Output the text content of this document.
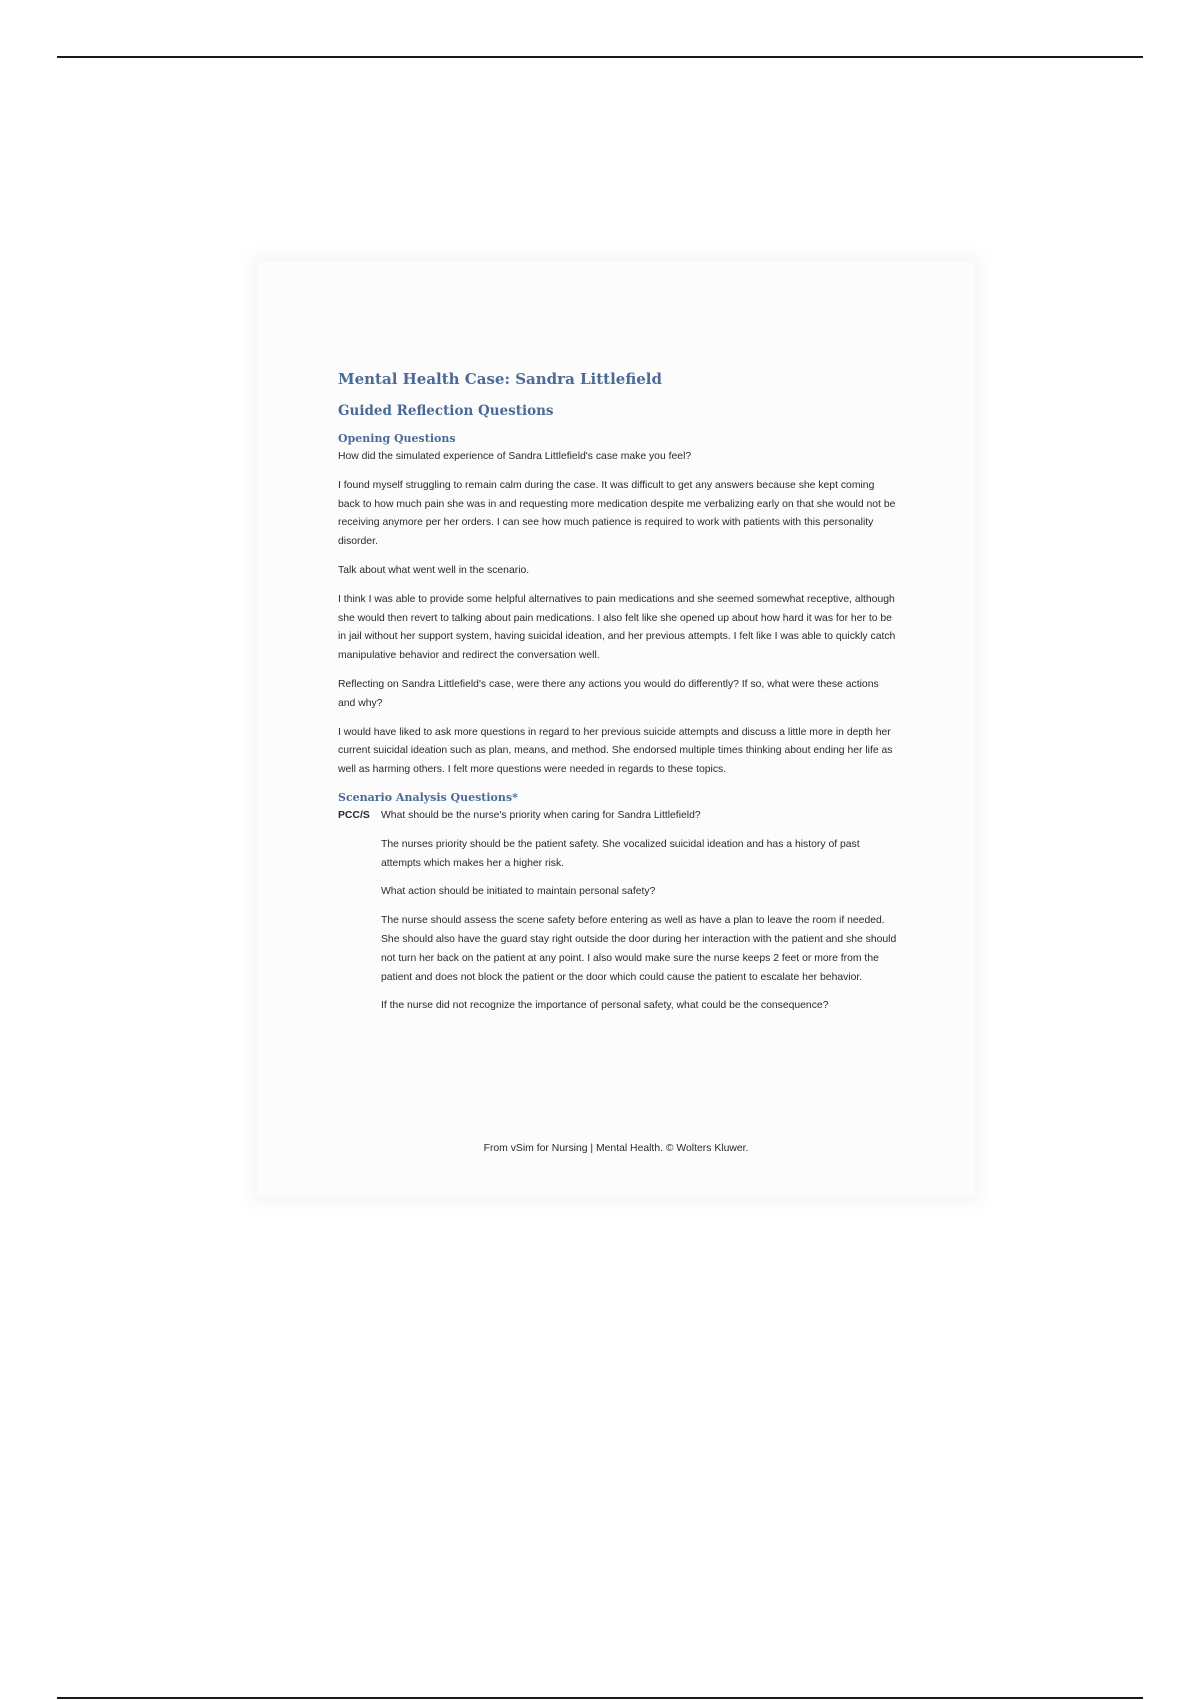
Mental Health Case: Sandra Littlefield
Guided Reflection Questions
Opening Questions
How did the simulated experience of Sandra Littlefield's case make you feel?
I found myself struggling to remain calm during the case. It was difficult to get any answers because she kept coming back to how much pain she was in and requesting more medication despite me verbalizing early on that she would not be receiving anymore per her orders. I can see how much patience is required to work with patients with this personality disorder.
Talk about what went well in the scenario.
I think I was able to provide some helpful alternatives to pain medications and she seemed somewhat receptive, although she would then revert to talking about pain medications. I also felt like she opened up about how hard it was for her to be in jail without her support system, having suicidal ideation, and her previous attempts. I felt like I was able to quickly catch manipulative behavior and redirect the conversation well.
Reflecting on Sandra Littlefield's case, were there any actions you would do differently? If so, what were these actions and why?
I would have liked to ask more questions in regard to her previous suicide attempts and discuss a little more in depth her current suicidal ideation such as plan, means, and method. She endorsed multiple times thinking about ending her life as well as harming others. I felt more questions were needed in regards to these topics.
Scenario Analysis Questions*
PCC/S	What should be the nurse's priority when caring for Sandra Littlefield?
The nurses priority should be the patient safety. She vocalized suicidal ideation and has a history of past attempts which makes her a higher risk.
What action should be initiated to maintain personal safety?
The nurse should assess the scene safety before entering as well as have a plan to leave the room if needed. She should also have the guard stay right outside the door during her interaction with the patient and she should not turn her back on the patient at any point. I also would make sure the nurse keeps 2 feet or more from the patient and does not block the patient or the door which could cause the patient to escalate her behavior.
If the nurse did not recognize the importance of personal safety, what could be the consequence?
From vSim for Nursing | Mental Health. © Wolters Kluwer.
